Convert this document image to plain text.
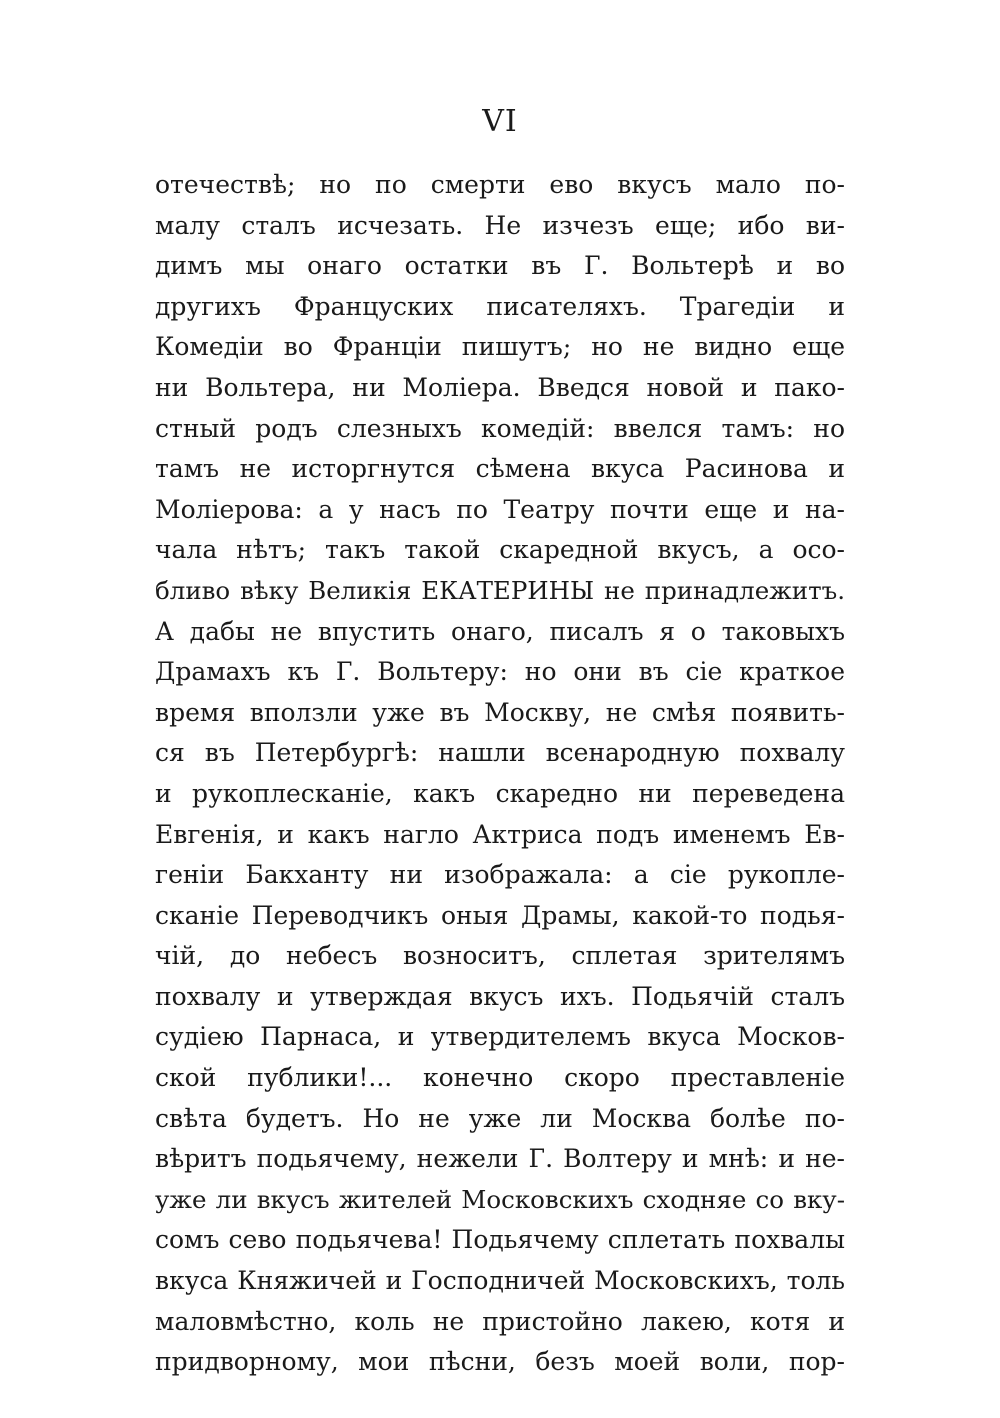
VI
отечествѣ; но по смерти ево вкусъ мало по-
малу сталъ исчезать. Не изчезъ еще; ибо ви-
димъ мы онаго остатки въ Г. Вольтерѣ и во
другихъ Француских писателяхъ. Трагедіи и
Комедіи во Франціи пишутъ; но не видно еще
ни Вольтера, ни Моліера. Введся новой и пако-
стный родъ слезныхъ комедій: ввелся тамъ: но
тамъ не исторгнутся сѣмена вкуса Расинова и
Моліерова: а у насъ по Театру почти еще и на-
чала нѣтъ; такъ такой скаредной вкусъ, а осо-
бливо вѣку Великія ЕКАТЕРИНЫ не принадлежитъ.
А дабы не впустить онаго, писалъ я о таковыхъ
Драмахъ къ Г. Вольтеру: но они въ сіе краткое
время вползли уже въ Москву, не смѣя появить-
ся въ Петербургѣ: нашли всенародную похвалу
и рукоплесканіе, какъ скаредно ни переведена
Евгенія, и какъ нагло Актриса подъ именемъ Ев-
геніи Бакханту ни изображала: а сіе рукопле-
сканіе Переводчикъ оныя Драмы, какой-то подья-
чій, до небесъ возноситъ, сплетая зрителямъ
похвалу и утверждая вкусъ ихъ. Подьячій сталъ
судіею Парнаса, и утвердителемъ вкуса Москов-
ской публики!... конечно скоро преставленіе
свѣта будетъ. Но не уже ли Москва болѣе по-
вѣритъ подьячему, нежели Г. Волтеру и мнѣ: и не-
уже ли вкусъ жителей Московскихъ сходняе со вку-
сомъ сево подьячева! Подьячему сплетать похвалы
вкуса Княжичей и Господничей Московскихъ, толь
маловмѣстно, коль не пристойно лакею, котя и
придворному, мои пѣсни, безъ моей воли, пор-
